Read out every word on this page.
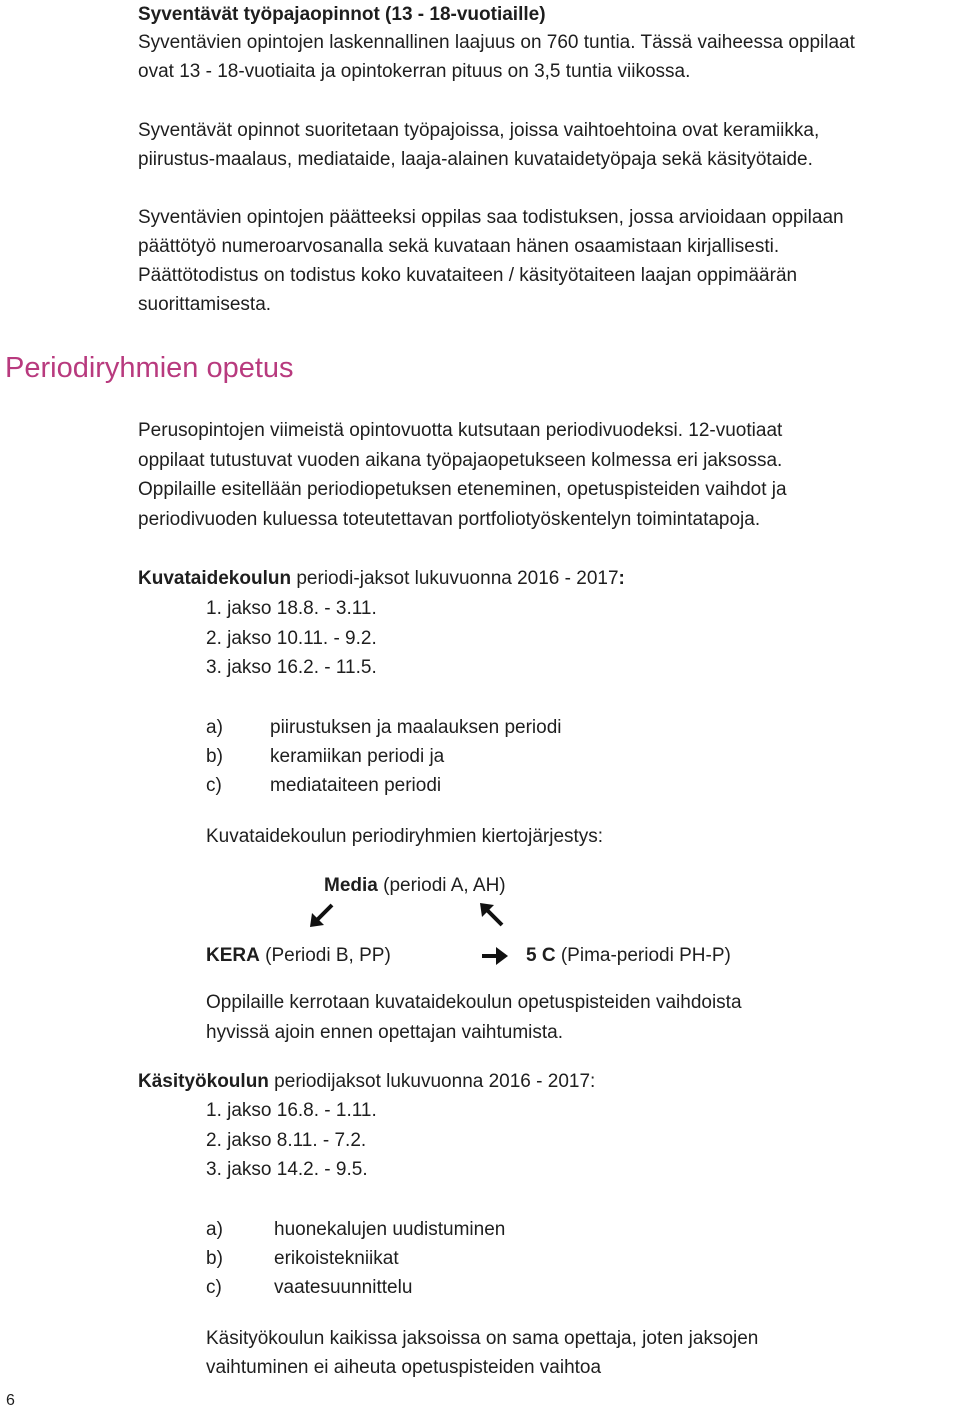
Syventävät työpajaopinnot (13 - 18-vuotiaille)
Syventävien opintojen laskennallinen laajuus on 760 tuntia. Tässä vaiheessa oppilaat
ovat 13 - 18-vuotiaita ja opintokerran pituus on 3,5 tuntia viikossa.
Syventävät opinnot suoritetaan työpajoissa, joissa vaihtoehtoina ovat keramiikka,
piirustus-maalaus, mediataide, laaja-alainen kuvataidetyöpaja sekä käsityötaide.
Syventävien opintojen päätteeksi oppilas saa todistuksen, jossa arvioidaan oppilaan
päättötyö numeroarvosanalla sekä kuvataan hänen osaamistaan kirjallisesti.
Päättötodistus on todistus koko kuvataiteen / käsityötaiteen laajan oppimäärän
suorittamisesta.
Periodiryhmien opetus
Perusopintojen viimeistä opintovuotta kutsutaan periodivuodeksi. 12-vuotiaat
oppilaat tutustuvat vuoden aikana työpajaopetukseen kolmessa eri jaksossa.
Oppilaille esitellään periodiopetuksen eteneminen, opetuspisteiden vaihdot ja
periodivuoden kuluessa toteutettavan portfoliotyöskentelyn toimintatapoja.
Kuvataidekoulun periodi-jaksot lukuvuonna 2016 - 2017:
1. jakso 18.8. - 3.11.
2. jakso 10.11. - 9.2.
3. jakso 16.2. - 11.5.
a) piirustuksen ja maalauksen periodi
b) keramiikan periodi ja
c)	mediataiteen periodi
Kuvataidekoulun periodiryhmien kiertojärjestys:
Media (periodi A, AH)
KERA (Periodi B, PP)	5 C (Pima-periodi PH-P)
Oppilaille kerrotaan kuvataidekoulun opetuspisteiden vaihdoista
hyvissä ajoin ennen opettajan vaihtumista.
Käsityökoulun periodijaksot lukuvuonna 2016 - 2017:
1. jakso 16.8. - 1.11.
2. jakso 8.11. - 7.2.
3. jakso 14.2. - 9.5.
a)	huonekalujen uudistuminen
b)	erikoistekniikat
c)	vaatesuunnittelu
Käsityökoulun kaikissa jaksoissa on sama opettaja, joten jaksojen
vaihtuminen ei aiheuta opetuspisteiden vaihtoa
6
